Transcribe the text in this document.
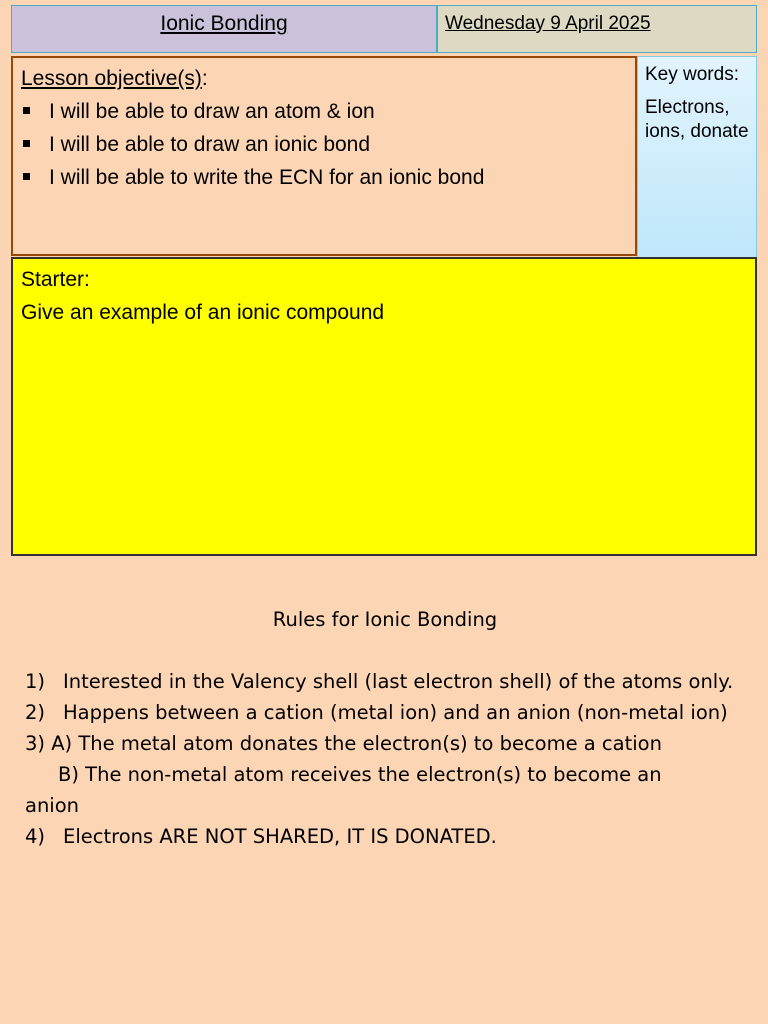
Ionic Bonding	Wednesday 9 April 2025
Lesson objective(s):
I will be able to draw an atom & ion
I will be able to draw an ionic bond
I will be able to write the ECN for an ionic bond
Key words:
Electrons, ions, donate
Starter:
Give an example of an ionic compound
Rules for Ionic Bonding
1) Interested in the Valency shell (last electron shell) of the atoms only.
2) Happens between a cation (metal ion) and an anion (non-metal ion)
3) A) The metal atom donates the electron(s) to become a cation
B) The non-metal atom receives the electron(s) to become an
anion
4) Electrons ARE NOT SHARED, IT IS DONATED.
